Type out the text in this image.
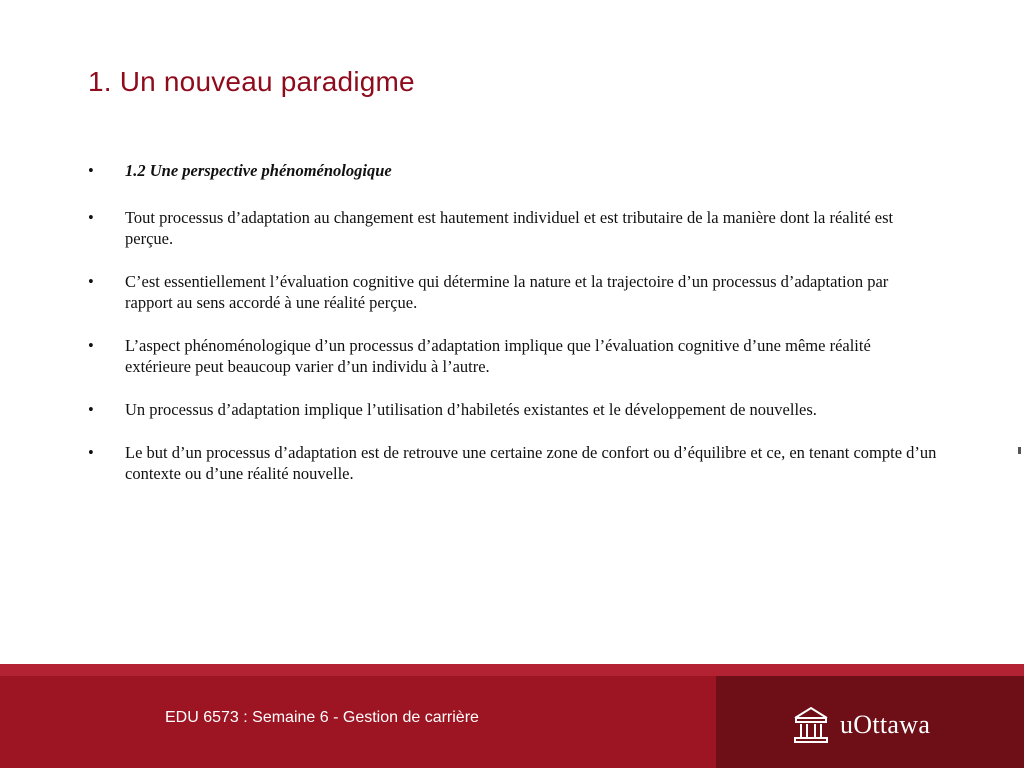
1. Un nouveau paradigme
• 1.2 Une perspective phénoménologique
• Tout processus d’adaptation au changement est hautement individuel et est tributaire de la manière dont la réalité est perçue.
• C’est essentiellement l’évaluation cognitive qui détermine la nature et la trajectoire d’un processus d’adaptation par rapport au sens accordé à une réalité perçue.
• L’aspect phénoménologique d’un processus d’adaptation implique que l’évaluation cognitive d’une même réalité extérieure peut beaucoup varier d’un individu à l’autre.
• Un processus d’adaptation implique l’utilisation d’habiletés existantes et le développement de nouvelles.
• Le but d’un processus d’adaptation est de retrouve une certaine zone de confort ou d’équilibre et ce, en tenant compte d’un contexte ou d’une réalité nouvelle.
EDU 6573 : Semaine 6 - Gestion de carrière	uOttawa
